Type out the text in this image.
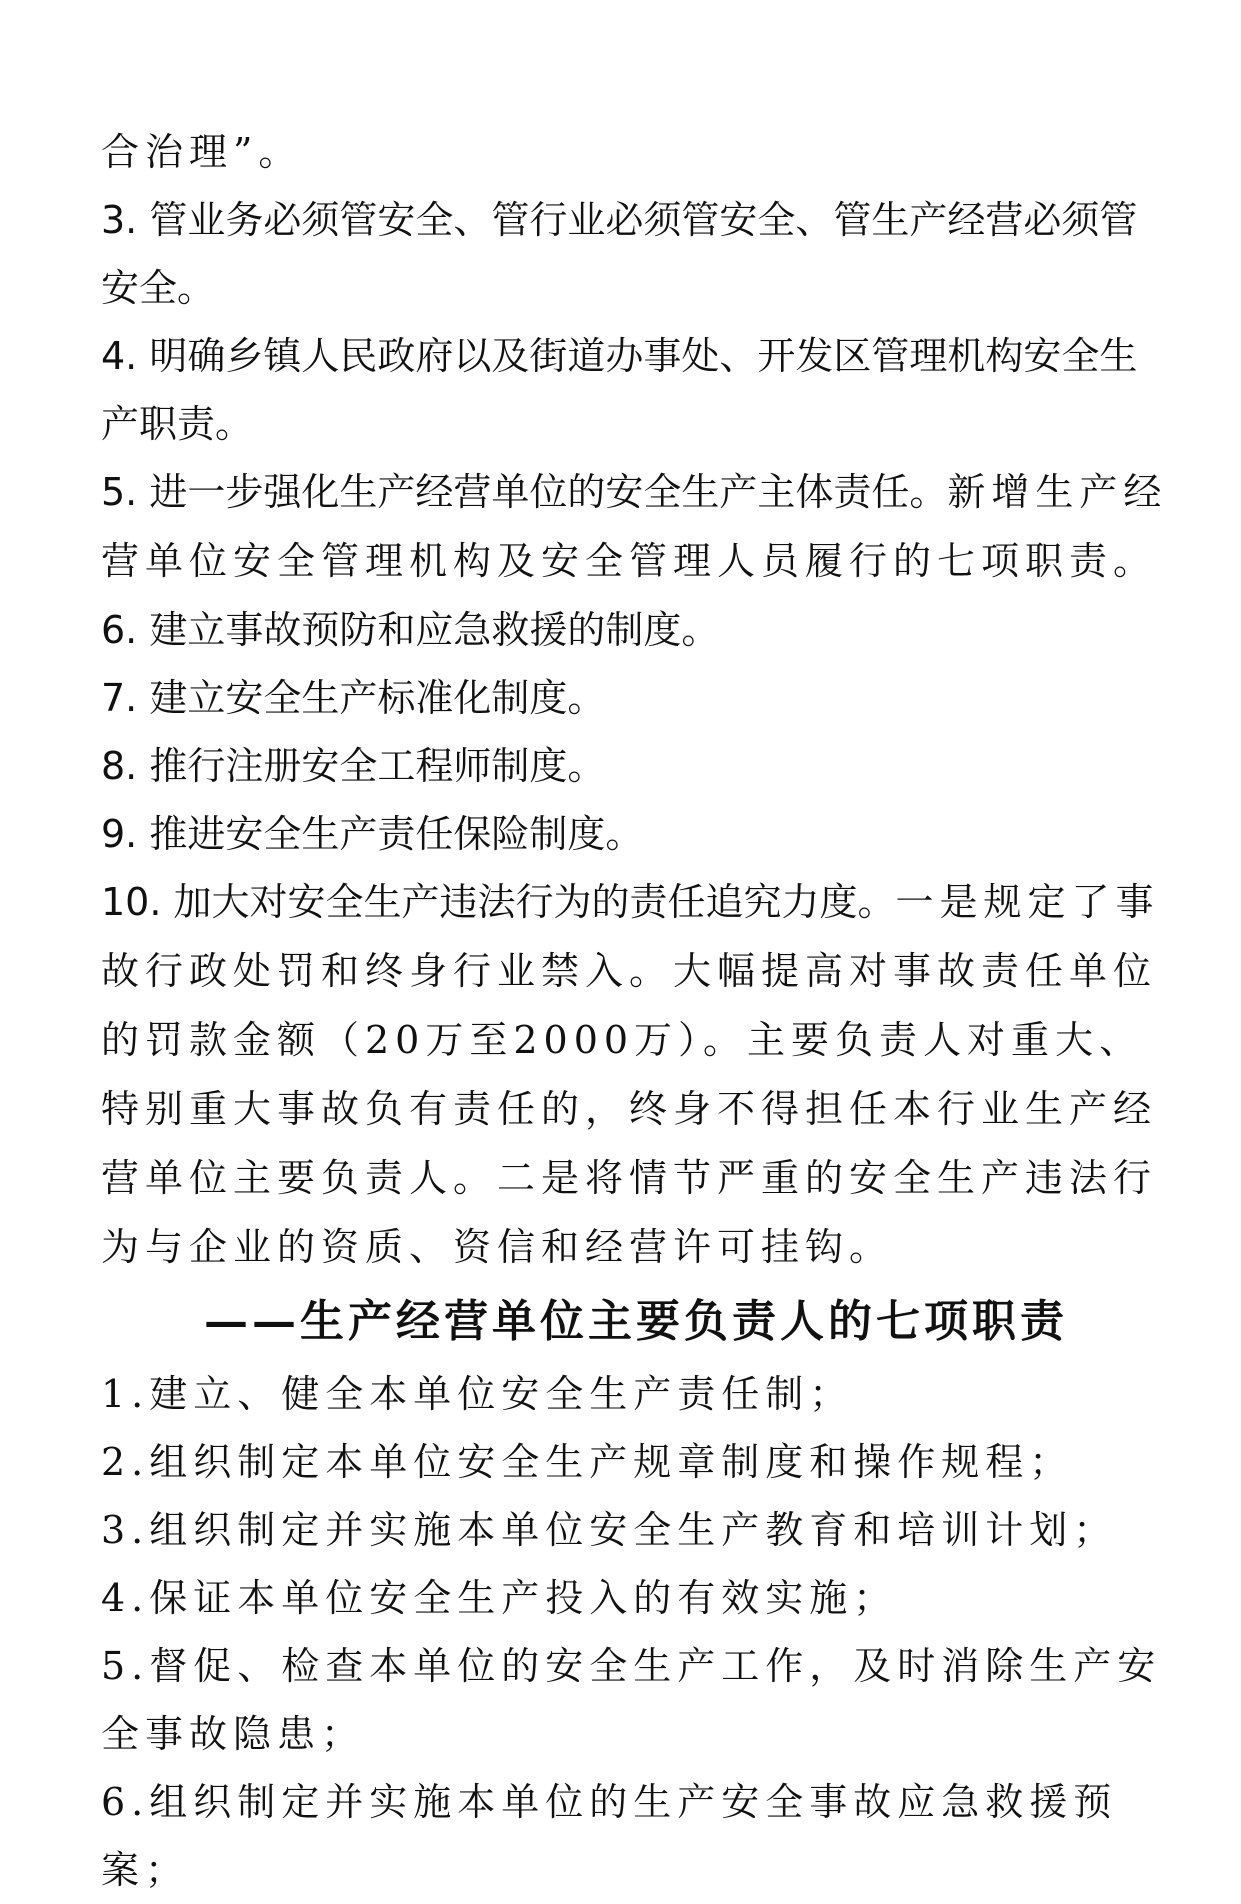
合治理”。

3. 管业务必须管安全、管行业必须管安全、管生产经营必须管安全。

4. 明确乡镇人民政府以及街道办事处、开发区管理机构安全生产职责。

5. 进一步强化生产经营单位的安全生产主体责任。新增生产经营单位安全管理机构及安全管理人员履行的七项职责。

6. 建立事故预防和应急救援的制度。

7. 建立安全生产标准化制度。

8. 推行注册安全工程师制度。

9. 推进安全生产责任保险制度。

10. 加大对安全生产违法行为的责任追究力度。一是规定了事故行政处罚和终身行业禁入。大幅提高对事故责任单位的罚款金额（20万至2000万）。主要负责人对重大、特别重大事故负有责任的，终身不得担任本行业生产经营单位主要负责人。二是将情节严重的安全生产违法行为与企业的资质、资信和经营许可挂钩。

——生产经营单位主要负责人的七项职责

1.建立、健全本单位安全生产责任制；

2.组织制定本单位安全生产规章制度和操作规程；

3.组织制定并实施本单位安全生产教育和培训计划；

4.保证本单位安全生产投入的有效实施；

5.督促、检查本单位的安全生产工作，及时消除生产安全事故隐患；

6.组织制定并实施本单位的生产安全事故应急救援预案；
